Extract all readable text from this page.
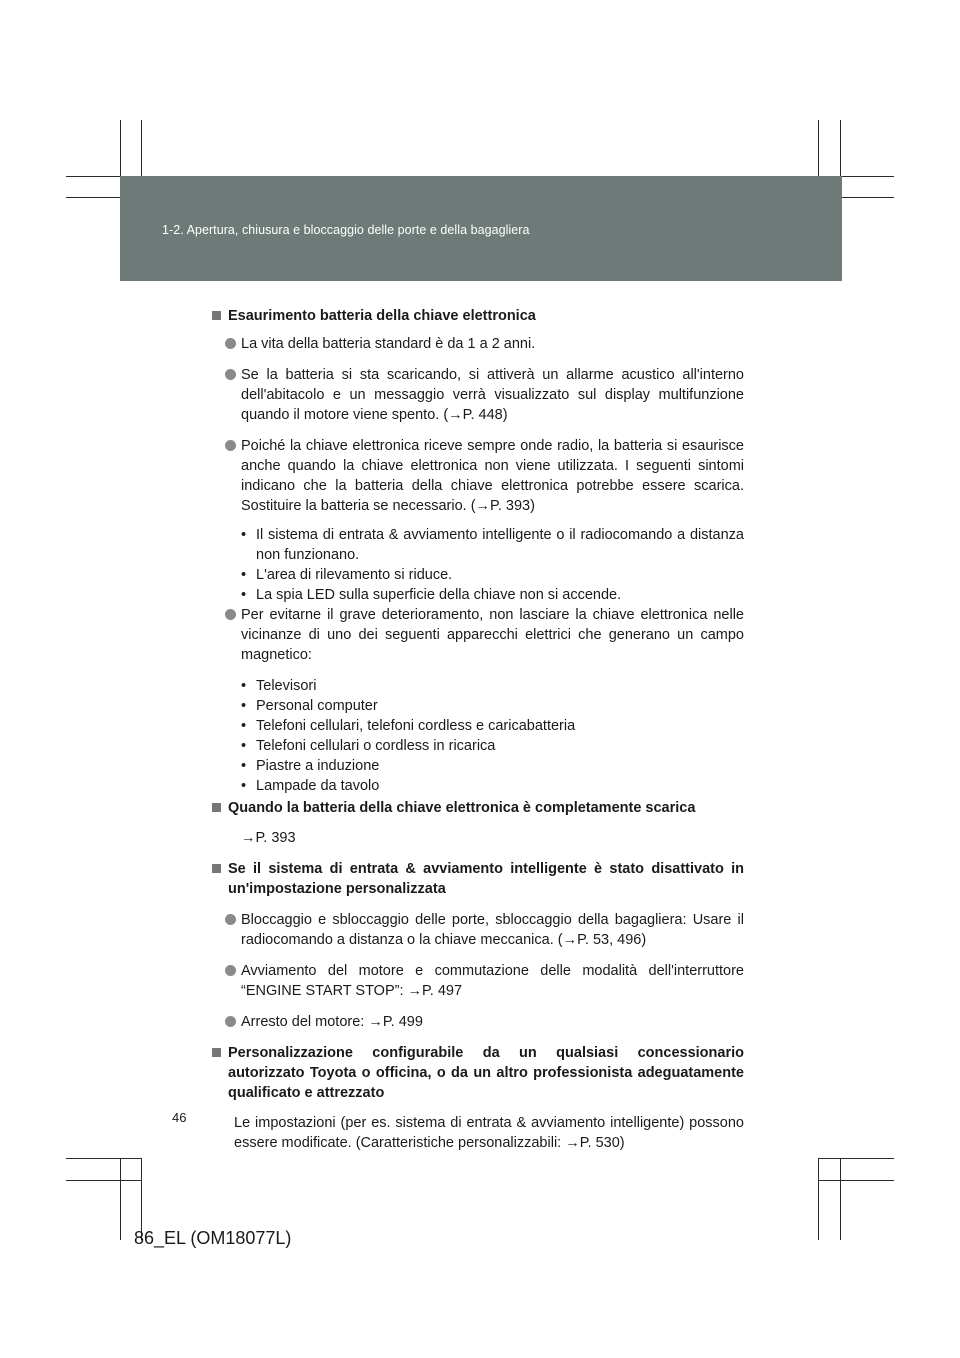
1-2. Apertura, chiusura e bloccaggio delle porte e della bagagliera
Esaurimento batteria della chiave elettronica
La vita della batteria standard è da 1 a 2 anni.
Se la batteria si sta scaricando, si attiverà un allarme acustico all'interno dell'abitacolo e un messaggio verrà visualizzato sul display multifunzione quando il motore viene spento. (→P. 448)
Poiché la chiave elettronica riceve sempre onde radio, la batteria si esaurisce anche quando la chiave elettronica non viene utilizzata. I seguenti sintomi indicano che la batteria della chiave elettronica potrebbe essere scarica. Sostituire la batteria se necessario. (→P. 393)
• Il sistema di entrata & avviamento intelligente o il radiocomando a distanza non funzionano.
• L'area di rilevamento si riduce.
• La spia LED sulla superficie della chiave non si accende.
Per evitarne il grave deterioramento, non lasciare la chiave elettronica nelle vicinanze di uno dei seguenti apparecchi elettrici che generano un campo magnetico:
• Televisori
• Personal computer
• Telefoni cellulari, telefoni cordless e caricabatteria
• Telefoni cellulari o cordless in ricarica
• Piastre a induzione
• Lampade da tavolo
Quando la batteria della chiave elettronica è completamente scarica
→P. 393
Se il sistema di entrata & avviamento intelligente è stato disattivato in un'impostazione personalizzata
Bloccaggio e sbloccaggio delle porte, sbloccaggio della bagagliera: Usare il radiocomando a distanza o la chiave meccanica. (→P. 53, 496)
Avviamento del motore e commutazione delle modalità dell'interruttore “ENGINE START STOP”: →P. 497
Arresto del motore: →P. 499
Personalizzazione configurabile da un qualsiasi concessionario autorizzato Toyota o officina, o da un altro professionista adeguatamente qualificato e attrezzato
Le impostazioni (per es. sistema di entrata & avviamento intelligente) possono essere modificate. (Caratteristiche personalizzabili: →P. 530)
46
86_EL (OM18077L)
